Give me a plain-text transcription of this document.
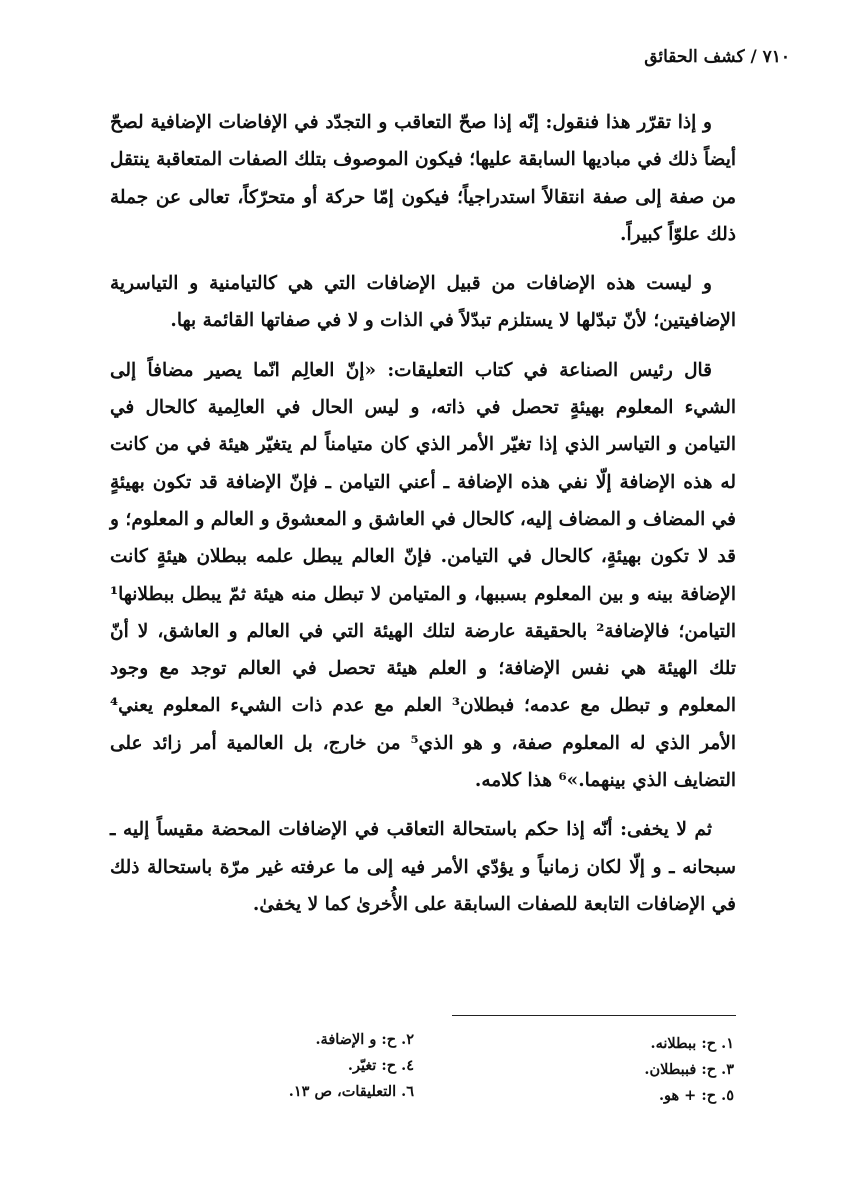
٧١٠ / كشف الحقائق

و إذا تقرّر هذا فنقول: إنّه إذا صحّ التعاقب و التجدّد في الإفاضات الإضافية لصحّ أيضاً ذلك في مباديها السابقة عليها؛ فيكون الموصوف بتلك الصفات المتعاقبة ينتقل من صفة إلى صفة انتقالاً استدراجياً؛ فيكون إمّا حركة أو متحرّكاً، تعالى عن جملة ذلك علوّاً كبيراً.

و ليست هذه الإضافات من قبيل الإضافات التي هي كالتيامنية و التياسرية الإضافيتين؛ لأنّ تبدّلها لا يستلزم تبدّلاً في الذات و لا في صفاتها القائمة بها.

قال رئيس الصناعة في كتاب التعليقات: «إنّ العالِم انّما يصير مضافاً إلى الشيء المعلوم بهيئةٍ تحصل في ذاته، و ليس الحال في العالِمية كالحال في التيامن و التياسر الذي إذا تغيّر الأمر الذي كان متيامناً لم يتغيّر هيئة في من كانت له هذه الإضافة إلّا نفي هذه الإضافة ـ أعني التيامن ـ فإنّ الإضافة قد تكون بهيئةٍ في المضاف و المضاف إليه، كالحال في العاشق و المعشوق و العالم و المعلوم؛ و قد لا تكون بهيئةٍ، كالحال في التيامن. فإنّ العالم يبطل علمه ببطلان هيئةٍ كانت الإضافة بينه و بين المعلوم بسببها، و المتيامن لا تبطل منه هيئة ثمّ يبطل ببطلانها¹ التيامن؛ فالإضافة² بالحقيقة عارضة لتلك الهيئة التي في العالم و العاشق، لا أنّ تلك الهيئة هي نفس الإضافة؛ و العلم هيئة تحصل في العالم توجد مع وجود المعلوم و تبطل مع عدمه؛ فبطلان³ العلم مع عدم ذات الشيء المعلوم يعني⁴ الأمر الذي له المعلوم صفة، و هو الذي⁵ من خارج، بل العالمية أمر زائد على التضايف الذي بينهما.»⁶ هذا كلامه.

ثم لا يخفى: أنّه إذا حكم باستحالة التعاقب في الإضافات المحضة مقيساً إليه ـ سبحانه ـ و إلّا لكان زمانياً و يؤدّي الأمر فيه إلى ما عرفته غير مرّة باستحالة ذلك في الإضافات التابعة للصفات السابقة على الأُخرىٰ كما لا يخفىٰ.

١. ح: ببطلانه.
٣. ح: فببطلان.
٥. ح: + هو.
٢. ح: و الإضافة.
٤. ح: تغيّر.
٦. التعليقات، ص ١٣.
